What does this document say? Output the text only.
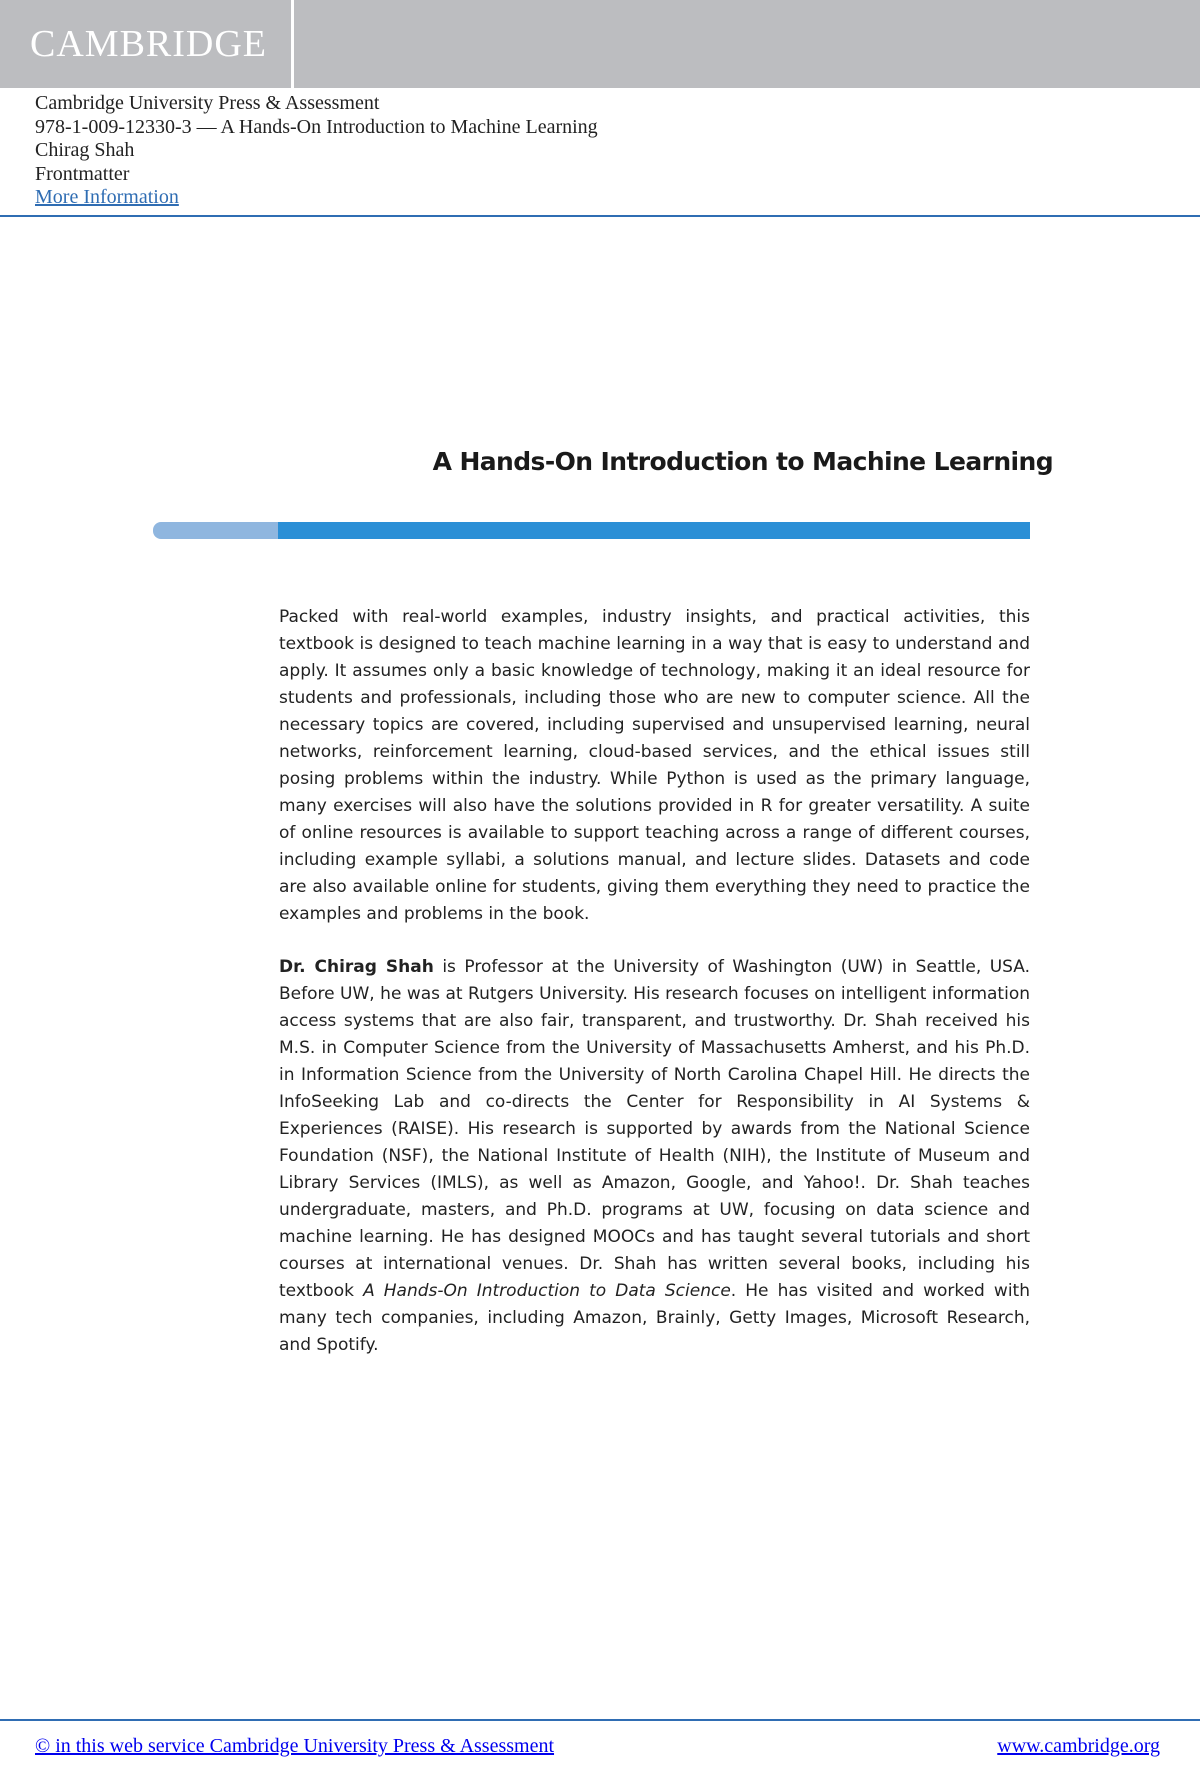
CAMBRIDGE
Cambridge University Press & Assessment
978-1-009-12330-3 — A Hands-On Introduction to Machine Learning
Chirag Shah
Frontmatter
More Information
A Hands-On Introduction to Machine Learning

Packed with real-world examples, industry insights, and practical activities, this textbook is designed to teach machine learning in a way that is easy to understand and apply. It assumes only a basic knowledge of technology, making it an ideal resource for students and professionals, including those who are new to computer science. All the necessary topics are covered, including supervised and unsupervised learning, neural networks, reinforcement learning, cloud-based services, and the ethical issues still posing problems within the industry. While Python is used as the primary language, many exercises will also have the solutions provided in R for greater versatility. A suite of online resources is available to support teaching across a range of different courses, including example syllabi, a solutions manual, and lecture slides. Datasets and code are also available online for students, giving them everything they need to practice the examples and problems in the book.

Dr. Chirag Shah is Professor at the University of Washington (UW) in Seattle, USA. Before UW, he was at Rutgers University. His research focuses on intelligent information access systems that are also fair, transparent, and trustworthy. Dr. Shah received his M.S. in Computer Science from the University of Massachusetts Amherst, and his Ph.D. in Information Science from the University of North Carolina Chapel Hill. He directs the InfoSeeking Lab and co-directs the Center for Responsibility in AI Systems & Experiences (RAISE). His research is supported by awards from the National Science Foundation (NSF), the National Institute of Health (NIH), the Institute of Museum and Library Services (IMLS), as well as Amazon, Google, and Yahoo!. Dr. Shah teaches undergraduate, masters, and Ph.D. programs at UW, focusing on data science and machine learning. He has designed MOOCs and has taught several tutorials and short courses at international venues. Dr. Shah has written several books, including his textbook A Hands-On Introduction to Data Science. He has visited and worked with many tech companies, including Amazon, Brainly, Getty Images, Microsoft Research, and Spotify.

© in this web service Cambridge University Press & Assessment	www.cambridge.org
